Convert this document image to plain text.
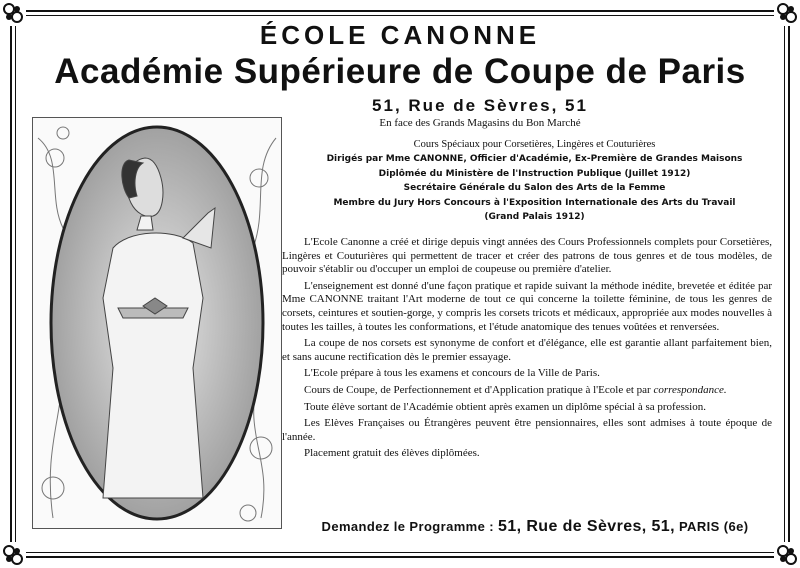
ÉCOLE CANONNE
Académie Supérieure de Coupe de Paris
51, Rue de Sèvres, 51
En face des Grands Magasins du Bon Marché
Cours Spéciaux pour Corsetières, Lingères et Couturières
Dirigés par Mme CANONNE, Officier d'Académie, Ex-Première de Grandes Maisons
Diplômée du Ministère de l'Instruction Publique (Juillet 1912)
Secrétaire Générale du Salon des Arts de la Femme
Membre du Jury Hors Concours à l'Exposition Internationale des Arts du Travail
(Grand Palais 1912)

L'Ecole Canonne a créé et dirige depuis vingt années des Cours Professionnels complets pour Corsetières, Lingères et Couturières qui permettent de tracer et créer des patrons de tous genres et de tous modèles, de pouvoir s'établir ou d'occuper un emploi de coupeuse ou première d'atelier.

L'enseignement est donné d'une façon pratique et rapide suivant la méthode inédite, brevetée et éditée par Mme CANONNE traitant l'Art moderne de tout ce qui concerne la toilette féminine, de tous les genres de corsets, ceintures et soutien-gorge, y compris les corsets tricots et médicaux, appropriée aux modes nouvelles à toutes les tailles, à toutes les conformations, et l'étude anatomique des tenues voûtées et renversées.

La coupe de nos corsets est synonyme de confort et d'élégance, elle est garantie allant parfaitement bien, et sans aucune rectification dès le premier essayage.

L'Ecole prépare à tous les examens et concours de la Ville de Paris.

Cours de Coupe, de Perfectionnement et d'Application pratique à l'Ecole et par correspondance.

Toute élève sortant de l'Académie obtient après examen un diplôme spécial à sa profession.

Les Elèves Françaises ou Étrangères peuvent être pensionnaires, elles sont admises à toute époque de l'année.

Placement gratuit des élèves diplômées.

Demandez le Programme : 51, Rue de Sèvres, 51, PARIS (6e)
